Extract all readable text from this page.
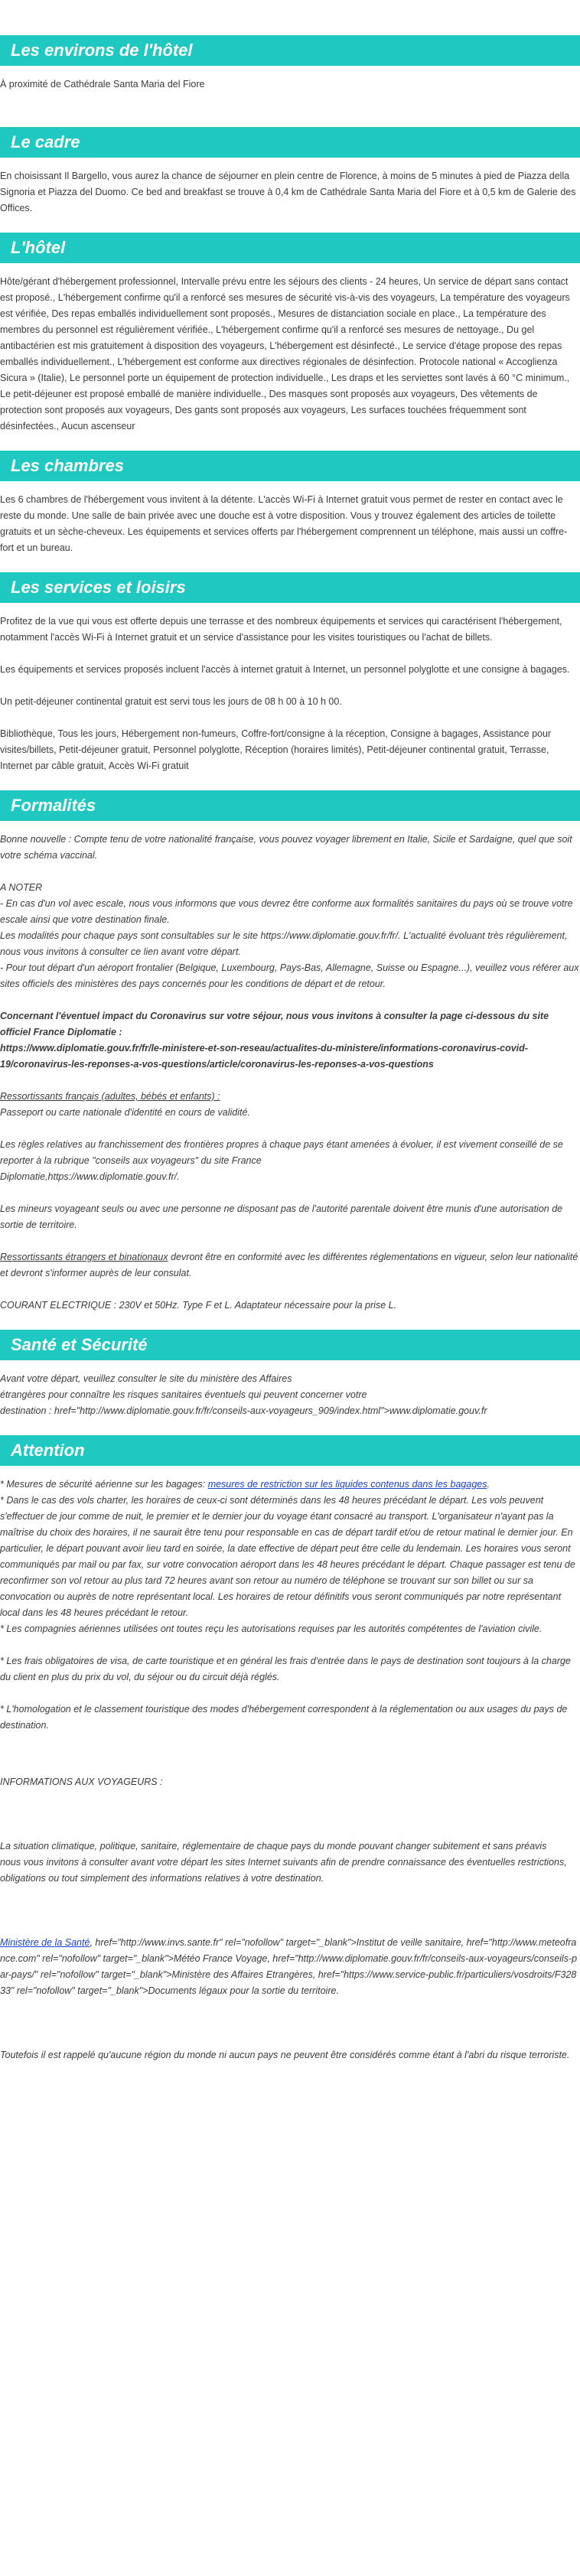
Les environs de l'hôtel

À proximité de Cathédrale Santa Maria del Fiore

Le cadre

En choisissant Il Bargello, vous aurez la chance de séjourner en plein centre de Florence, à moins de 5 minutes à pied de Piazza della Signoria et Piazza del Duomo. Ce bed and breakfast se trouve à 0,4 km de Cathédrale Santa Maria del Fiore et à 0,5 km de Galerie des Offices.

L'hôtel

Hôte/gérant d'hébergement professionnel, Intervalle prévu entre les séjours des clients - 24 heures, Un service de départ sans contact est proposé., L'hébergement confirme qu'il a renforcé ses mesures de sécurité vis-à-vis des voyageurs, La température des voyageurs est vérifiée, Des repas emballés individuellement sont proposés., Mesures de distanciation sociale en place., La température des membres du personnel est régulièrement vérifiée., L'hébergement confirme qu'il a renforcé ses mesures de nettoyage., Du gel antibactérien est mis gratuitement à disposition des voyageurs, L'hébergement est désinfecté., Le service d'étage propose des repas emballés individuellement., L'hébergement est conforme aux directives régionales de désinfection. Protocole national « Accoglienza Sicura » (Italie), Le personnel porte un équipement de protection individuelle., Les draps et les serviettes sont lavés à 60 °C minimum., Le petit-déjeuner est proposé emballé de manière individuelle., Des masques sont proposés aux voyageurs, Des vêtements de protection sont proposés aux voyageurs, Des gants sont proposés aux voyageurs, Les surfaces touchées fréquemment sont désinfectées., Aucun ascenseur

Les chambres

Les 6 chambres de l'hébergement vous invitent à la détente. L'accès Wi-Fi à Internet gratuit vous permet de rester en contact avec le reste du monde. Une salle de bain privée avec une douche est à votre disposition. Vous y trouvez également des articles de toilette gratuits et un sèche-cheveux. Les équipements et services offerts par l'hébergement comprennent un téléphone, mais aussi un coffre-fort et un bureau.

Les services et loisirs

Profitez de la vue qui vous est offerte depuis une terrasse et des nombreux équipements et services qui caractérisent l'hébergement, notamment l'accès Wi-Fi à Internet gratuit et un service d'assistance pour les visites touristiques ou l'achat de billets.

Les équipements et services proposés incluent l'accès à internet gratuit à Internet, un personnel polyglotte et une consigne à bagages.

Un petit-déjeuner continental gratuit est servi tous les jours de 08 h 00 à 10 h 00.

Bibliothèque, Tous les jours, Hébergement non-fumeurs, Coffre-fort/consigne à la réception, Consigne à bagages, Assistance pour visites/billets, Petit-déjeuner gratuit, Personnel polyglotte, Réception (horaires limités), Petit-déjeuner continental gratuit, Terrasse, Internet par câble gratuit, Accès Wi-Fi gratuit

Formalités

Bonne nouvelle : Compte tenu de votre nationalité française, vous pouvez voyager librement en Italie, Sicile et Sardaigne, quel que soit votre schéma vaccinal.

A NOTER

- En cas d'un vol avec escale, nous vous informons que vous devrez être conforme aux formalités sanitaires du pays où se trouve votre escale ainsi que votre destination finale.
Les modalités pour chaque pays sont consultables sur le site https://www.diplomatie.gouv.fr/fr/. L'actualité évoluant très régulièrement, nous vous invitons à consulter ce lien avant votre départ.
- Pour tout départ d'un aéroport frontalier (Belgique, Luxembourg, Pays-Bas, Allemagne, Suisse ou Espagne...), veuillez vous référer aux sites officiels des ministères des pays concernés pour les conditions de départ et de retour.

Concernant l'éventuel impact du Coronavirus sur votre séjour, nous vous invitons à consulter la page ci-dessous du site officiel France Diplomatie :
https://www.diplomatie.gouv.fr/fr/le-ministere-et-son-reseau/actualites-du-ministere/informations-coronavirus-covid-19/coronavirus-les-reponses-a-vos-questions/article/coronavirus-les-reponses-a-vos-questions

Ressortissants français (adultes, bébés et enfants) :

Passeport ou carte nationale d'identité en cours de validité.

Les règles relatives au franchissement des frontières propres à chaque pays étant amenées à évoluer, il est vivement conseillé de se reporter à la rubrique "conseils aux voyageurs" du site France
Diplomatie,https://www.diplomatie.gouv.fr/.

Les mineurs voyageant seuls ou avec une personne ne disposant pas de l'autorité parentale doivent être munis d'une autorisation de sortie de territoire.

Ressortissants étrangers et binationaux devront être en conformité avec les différentes réglementations en vigueur, selon leur nationalité et devront s'informer auprès de leur consulat.

COURANT ELECTRIQUE : 230V et 50Hz. Type F et L. Adaptateur nécessaire pour la prise L.

Santé et Sécurité

Avant votre départ, veuillez consulter le site du ministère des Affaires
étrangères pour connaître les risques sanitaires éventuels qui peuvent concerner votre
destination : href="http://www.diplomatie.gouv.fr/fr/conseils-aux-voyageurs_909/index.html">www.diplomatie.gouv.fr

Attention
* Mesures de sécurité aérienne sur les bagages: mesures de restriction sur les liquides contenus dans les bagages.

* Dans le cas des vols charter, les horaires de ceux-ci sont déterminés dans les 48 heures précédant le départ. Les vols peuvent s'effectuer de jour comme de nuit, le premier et le dernier jour du voyage étant consacré au transport. L'organisateur n'ayant pas la maîtrise du choix des horaires, il ne saurait être tenu pour responsable en cas de départ tardif et/ou de retour matinal le dernier jour. En particulier, le départ pouvant avoir lieu tard en soirée, la date effective de départ peut être celle du lendemain. Les horaires vous seront communiqués par mail ou par fax, sur votre convocation aéroport dans les 48 heures précédant le départ. Chaque passager est tenu de reconfirmer son vol retour au plus tard 72 heures avant son retour au numéro de téléphone se trouvant sur son billet ou sur sa convocation ou auprès de notre représentant local. Les horaires de retour définitifs vous seront communiqués par notre représentant local dans les 48 heures précédant le retour.
* Les compagnies aériennes utilisées ont toutes reçu les autorisations requises par les autorités compétentes de l'aviation civile.

* Les frais obligatoires de visa, de carte touristique et en général les frais d'entrée dans le pays de destination sont toujours à la charge du client en plus du prix du vol, du séjour ou du circuit déjà réglés.

* L'homologation et le classement touristique des modes d'hébergement correspondent à la réglementation ou aux usages du pays de destination.

INFORMATIONS AUX VOYAGEURS :

La situation climatique, politique, sanitaire, réglementaire de chaque pays du monde pouvant changer subitement et sans préavis
nous vous invitons à consulter avant votre départ les sites Internet suivants afin de prendre connaissance des éventuelles restrictions, obligations ou tout simplement des informations relatives à votre destination.

Ministère de la Santé, href="http://www.invs.sante.fr" rel="nofollow" target="_blank">Institut de veille sanitaire, href="http://www.meteofrance.com" rel="nofollow" target="_blank">Météo France Voyage, href="http://www.diplomatie.gouv.fr/fr/conseils-aux-voyageurs/conseils-par-pays/" rel="nofollow" target="_blank">Ministère des Affaires Etrangères, href="https://www.service-public.fr/particuliers/vosdroits/F32833" rel="nofollow" target="_blank">Documents légaux pour la sortie du territoire.

Toutefois il est rappelé qu'aucune région du monde ni aucun pays ne peuvent être considérés comme étant à l'abri du risque terroriste.
